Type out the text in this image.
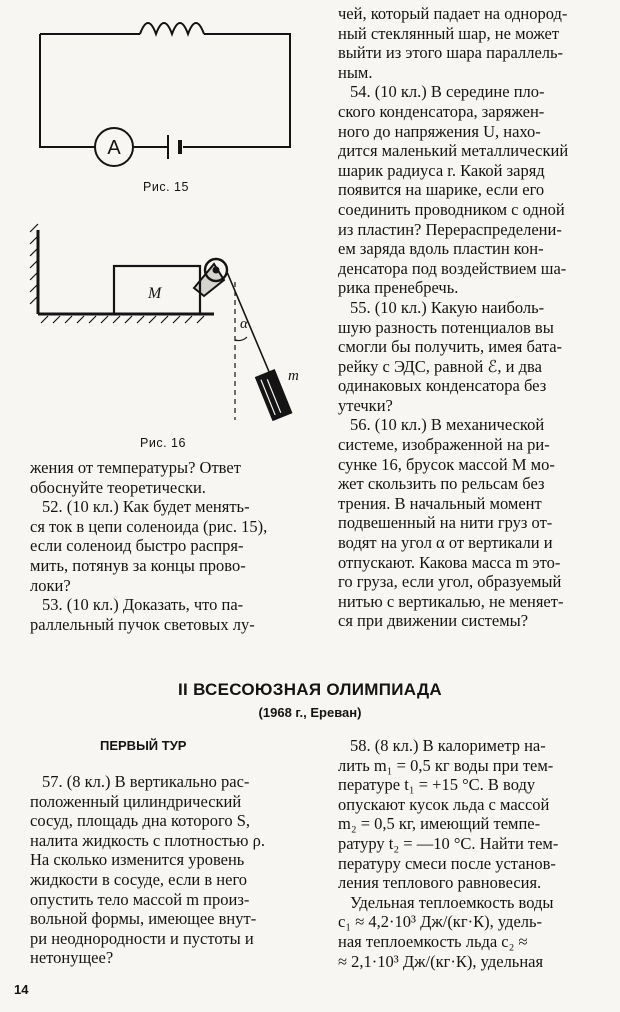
A
Рис. 15
M
α
m
Рис. 16

жения от температуры? Ответ
обоснуйте теоретически.

52. (10 кл.) Как будет менять-
ся ток в цепи соленоида (рис. 15),
если соленоид быстро распря-
мить, потянув за концы прово-
локи?

53. (10 кл.) Доказать, что па-
раллельный пучок световых лу-

чей, который падает на однород-
ный стеклянный шар, не может
выйти из этого шара параллель-
ным.

54. (10 кл.) В середине пло-
ского конденсатора, заряжен-
ного до напряжения U, нахо-
дится маленький металлический
шарик радиуса r. Какой заряд
появится на шарике, если его
соединить проводником с одной
из пластин? Перераспределени-
ем заряда вдоль пластин кон-
денсатора под воздействием ша-
рика пренебречь.

55. (10 кл.) Какую наиболь-
шую разность потенциалов вы
смогли бы получить, имея бата-
рейку с ЭДС, равной ℰ, и два
одинаковых конденсатора без
утечки?

56. (10 кл.) В механической
системе, изображенной на ри-
сунке 16, брусок массой M мо-
жет скользить по рельсам без
трения. В начальный момент
подвешенный на нити груз от-
водят на угол α от вертикали и
отпускают. Какова масса m это-
го груза, если угол, образуемый
нитью с вертикалью, не меняет-
ся при движении системы?

II ВСЕСОЮЗНАЯ ОЛИМПИАДА
(1968 г., Ереван)
ПЕРВЫЙ ТУР

57. (8 кл.) В вертикально рас-
положенный цилиндрический
сосуд, площадь дна которого S,
налита жидкость с плотностью ρ.
На сколько изменится уровень
жидкости в сосуде, если в него
опустить тело массой m произ-
вольной формы, имеющее внут-
ри неоднородности и пустоты и
нетонущее?

58. (8 кл.) В калориметр на-
лить m₁ = 0,5 кг воды при тем-
пературе t₁ = +15 °C. В воду
опускают кусок льда с массой
m₂ = 0,5 кг, имеющий темпе-
ратуру t₂ = —10 °C. Найти тем-
пературу смеси после установ-
ления теплового равновесия.

Удельная теплоемкость воды
c₁ ≈ 4,2·10³ Дж/(кг·К), удель-
ная теплоемкость льда c₂ ≈
≈ 2,1·10³ Дж/(кг·К), удельная

14
